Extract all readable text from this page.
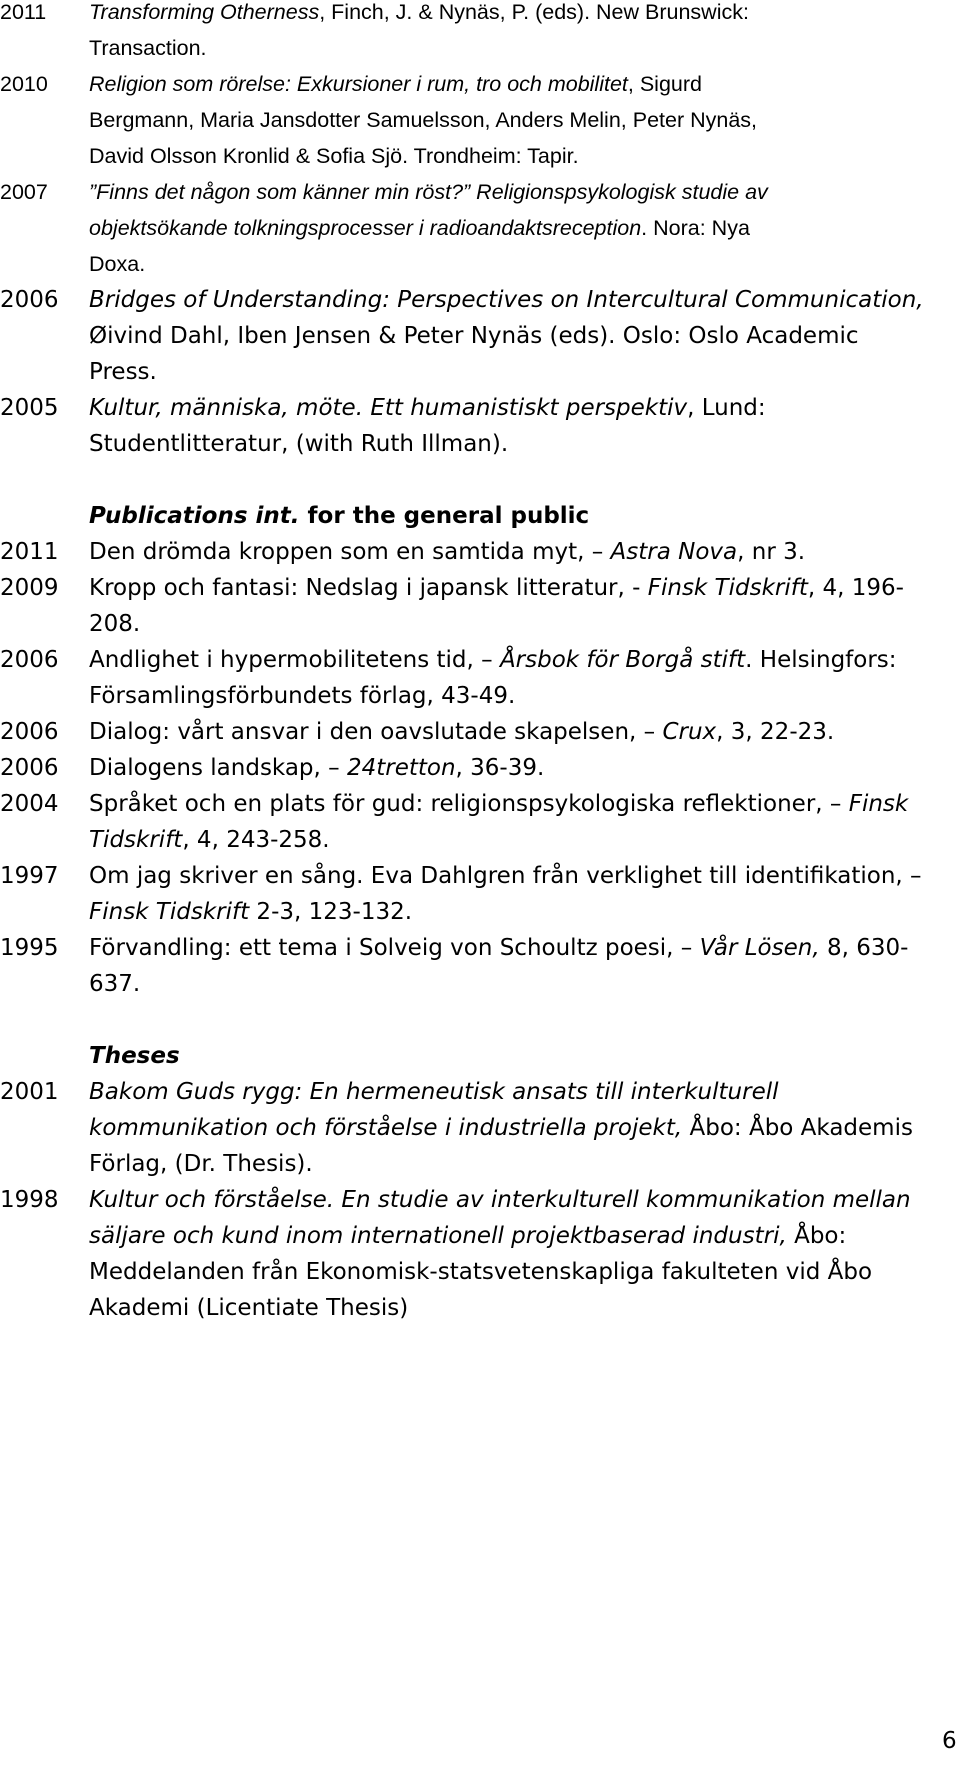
2011	Transforming Otherness, Finch, J. & Nynäs, P. (eds). New Brunswick:
Transaction.
2010	Religion som rörelse: Exkursioner i rum, tro och mobilitet, Sigurd
Bergmann, Maria Jansdotter Samuelsson, Anders Melin, Peter Nynäs,
David Olsson Kronlid & Sofia Sjö. Trondheim: Tapir.
2007	”Finns det någon som känner min röst?” Religionspsykologisk studie av
objektsökande tolkningsprocesser i radioandaktsreception. Nora: Nya
Doxa.
2006	Bridges of Understanding: Perspectives on Intercultural Communication,
Øivind Dahl, Iben Jensen & Peter Nynäs (eds). Oslo: Oslo Academic
Press.
2005	Kultur, människa, möte. Ett humanistiskt perspektiv, Lund:
Studentlitteratur, (with Ruth Illman).
Publications int. for the general public
2011	Den drömda kroppen som en samtida myt, – Astra Nova, nr 3.
2009	Kropp och fantasi: Nedslag i japansk litteratur, - Finsk Tidskrift, 4, 196-
208.
2006	Andlighet i hypermobilitetens tid, – Årsbok för Borgå stift. Helsingfors:
Församlingsförbundets förlag, 43-49.
2006	Dialog: vårt ansvar i den oavslutade skapelsen, – Crux, 3, 22-23.
2006	Dialogens landskap, – 24tretton, 36-39.
2004	Språket och en plats för gud: religionspsykologiska reflektioner, – Finsk
Tidskrift, 4, 243-258.
1997	Om jag skriver en sång. Eva Dahlgren från verklighet till identifikation, –
Finsk Tidskrift 2-3, 123-132.
1995	Förvandling: ett tema i Solveig von Schoultz poesi, – Vår Lösen, 8, 630-
637.
Theses
2001	Bakom Guds rygg: En hermeneutisk ansats till interkulturell
kommunikation och förståelse i industriella projekt, Åbo: Åbo Akademis
Förlag, (Dr. Thesis).
1998	Kultur och förståelse. En studie av interkulturell kommunikation mellan
säljare och kund inom internationell projektbaserad industri, Åbo:
Meddelanden från Ekonomisk-statsvetenskapliga fakulteten vid Åbo
Akademi (Licentiate Thesis)
6
